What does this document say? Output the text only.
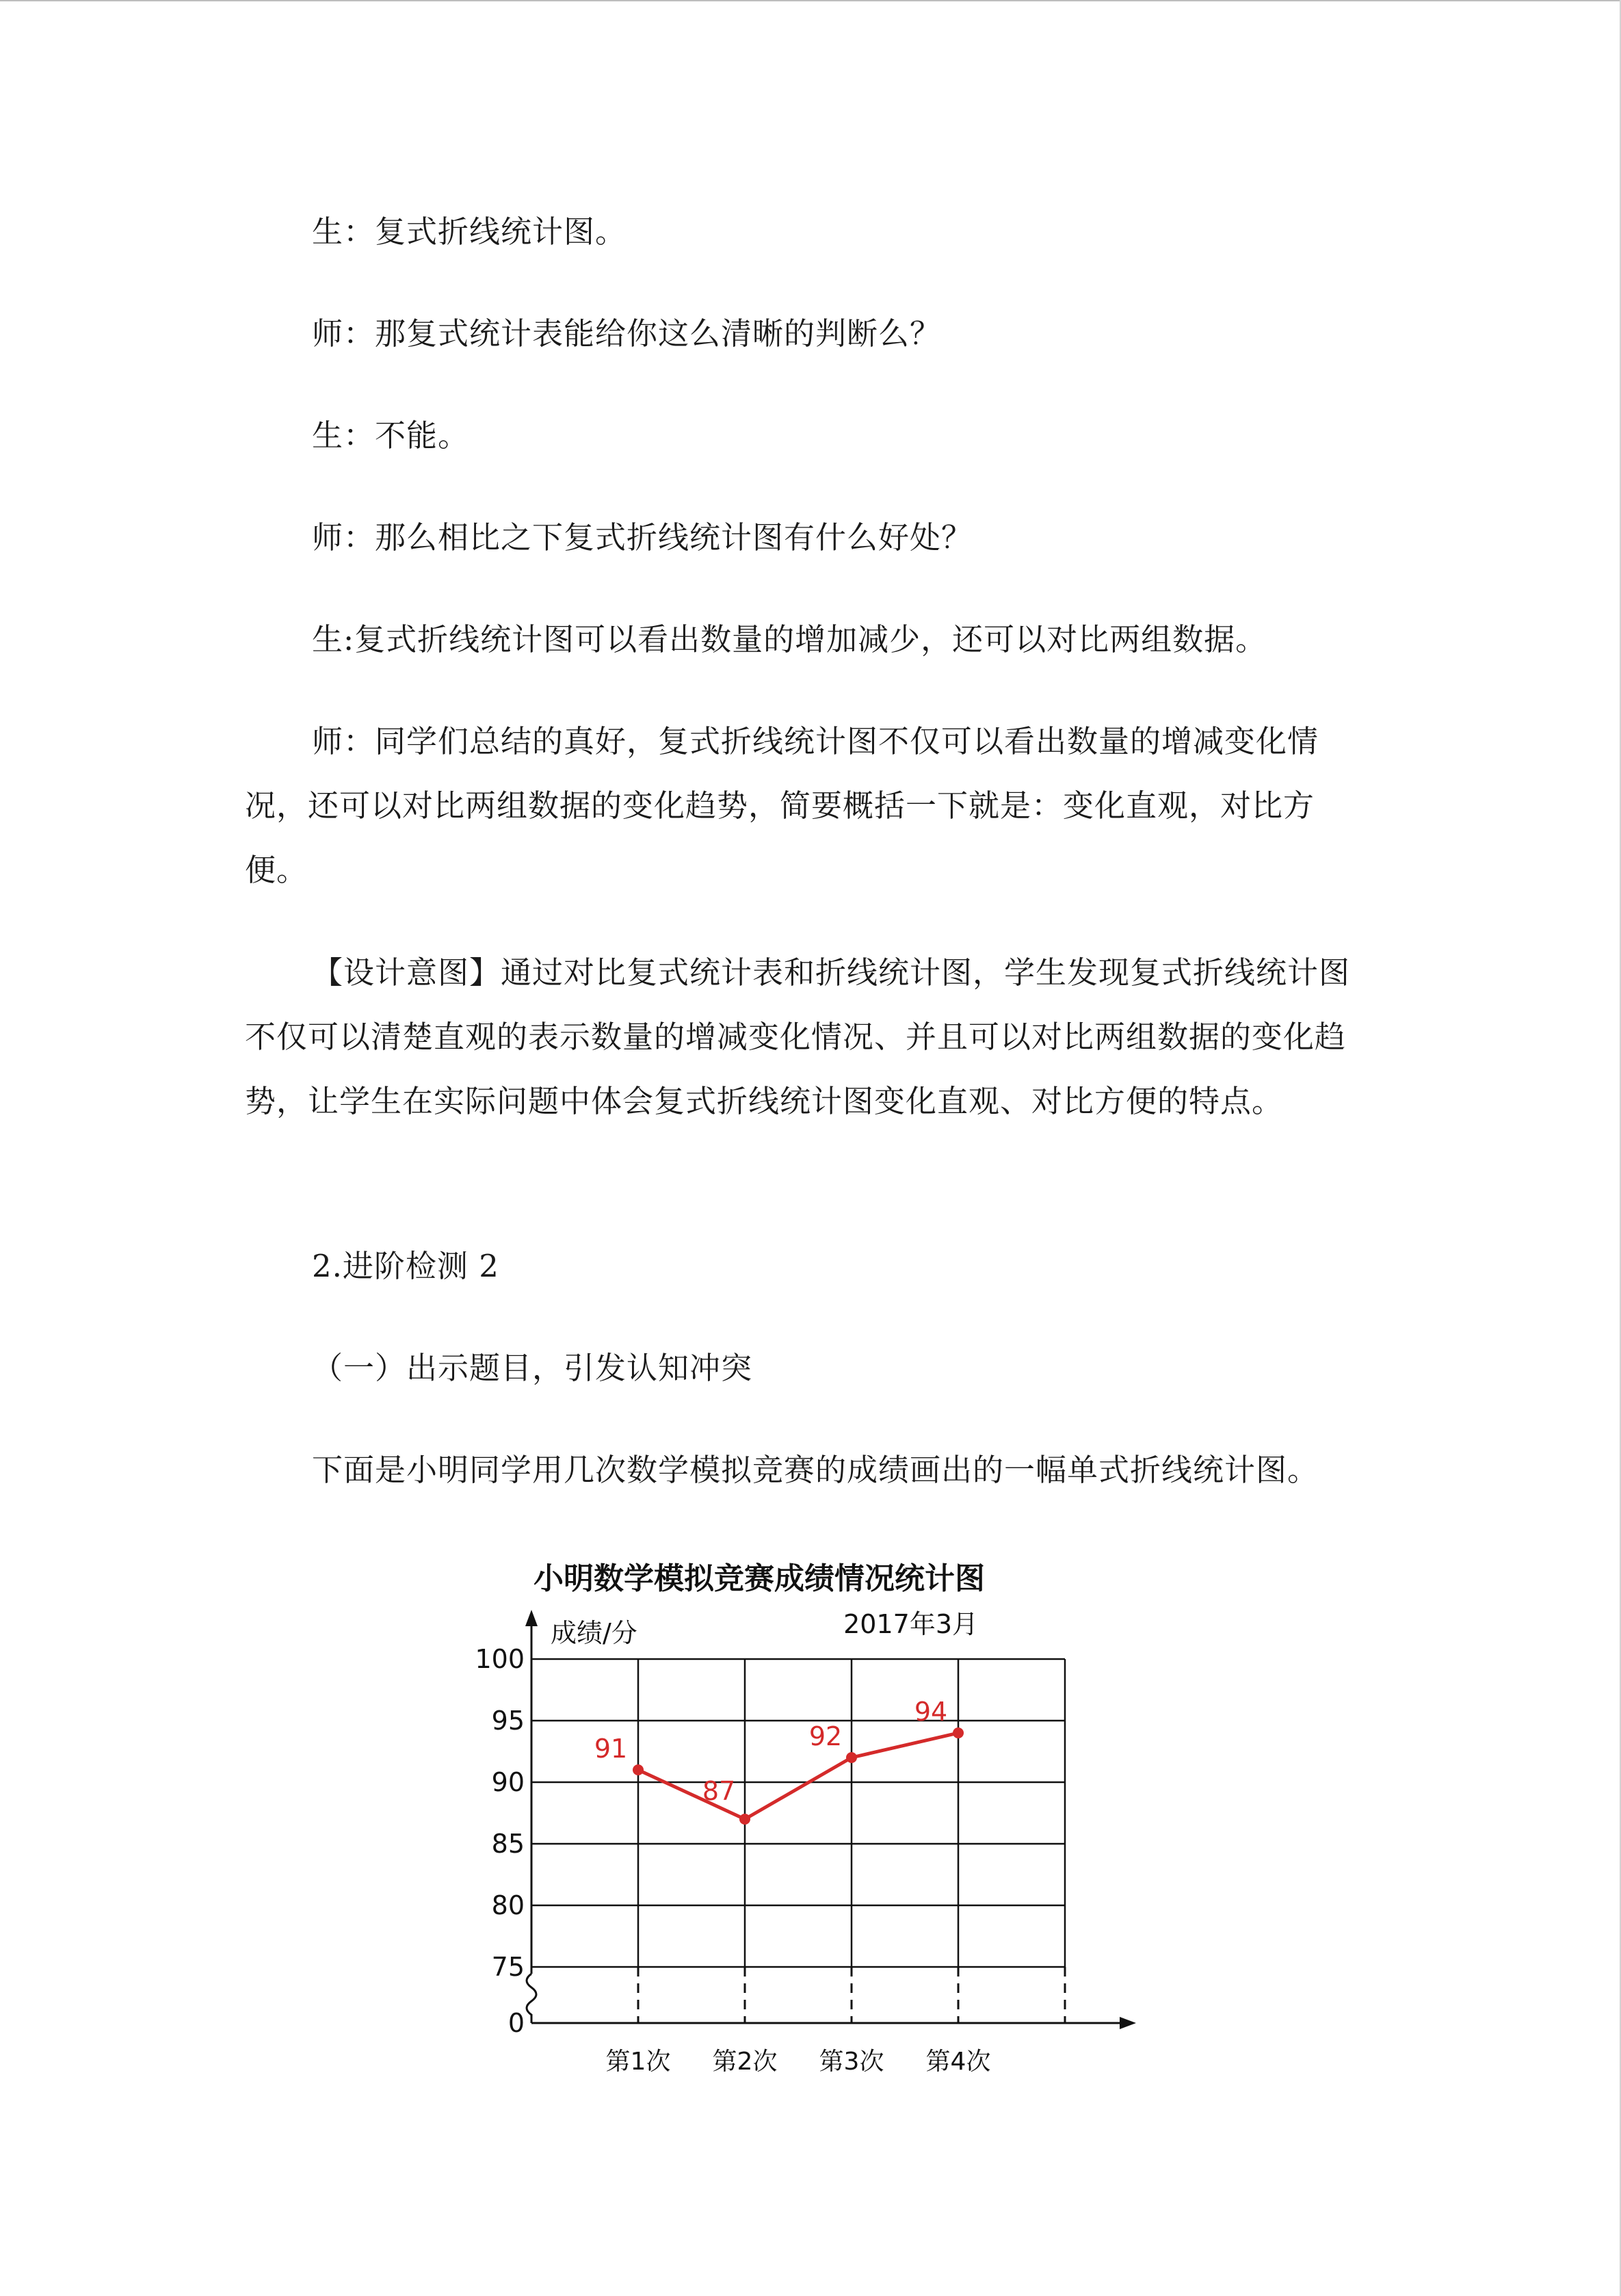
生：复式折线统计图。

师：那复式统计表能给你这么清晰的判断么？

生：不能。

师：那么相比之下复式折线统计图有什么好处？

生:复式折线统计图可以看出数量的增加减少，还可以对比两组数据。

师：同学们总结的真好，复式折线统计图不仅可以看出数量的增减变化情况，还可以对比两组数据的变化趋势，简要概括一下就是：变化直观，对比方便。

【设计意图】通过对比复式统计表和折线统计图，学生发现复式折线统计图不仅可以清楚直观的表示数量的增减变化情况、并且可以对比两组数据的变化趋势，让学生在实际问题中体会复式折线统计图变化直观、对比方便的特点。

2.进阶检测 2

（一）出示题目，引发认知冲突

下面是小明同学用几次数学模拟竞赛的成绩画出的一幅单式折线统计图。

小明数学模拟竞赛成绩情况统计图
2017年3月
成绩/分
100
95
90
85
80
75
0
第1次 第2次 第3次 第4次
91
87
92
94
